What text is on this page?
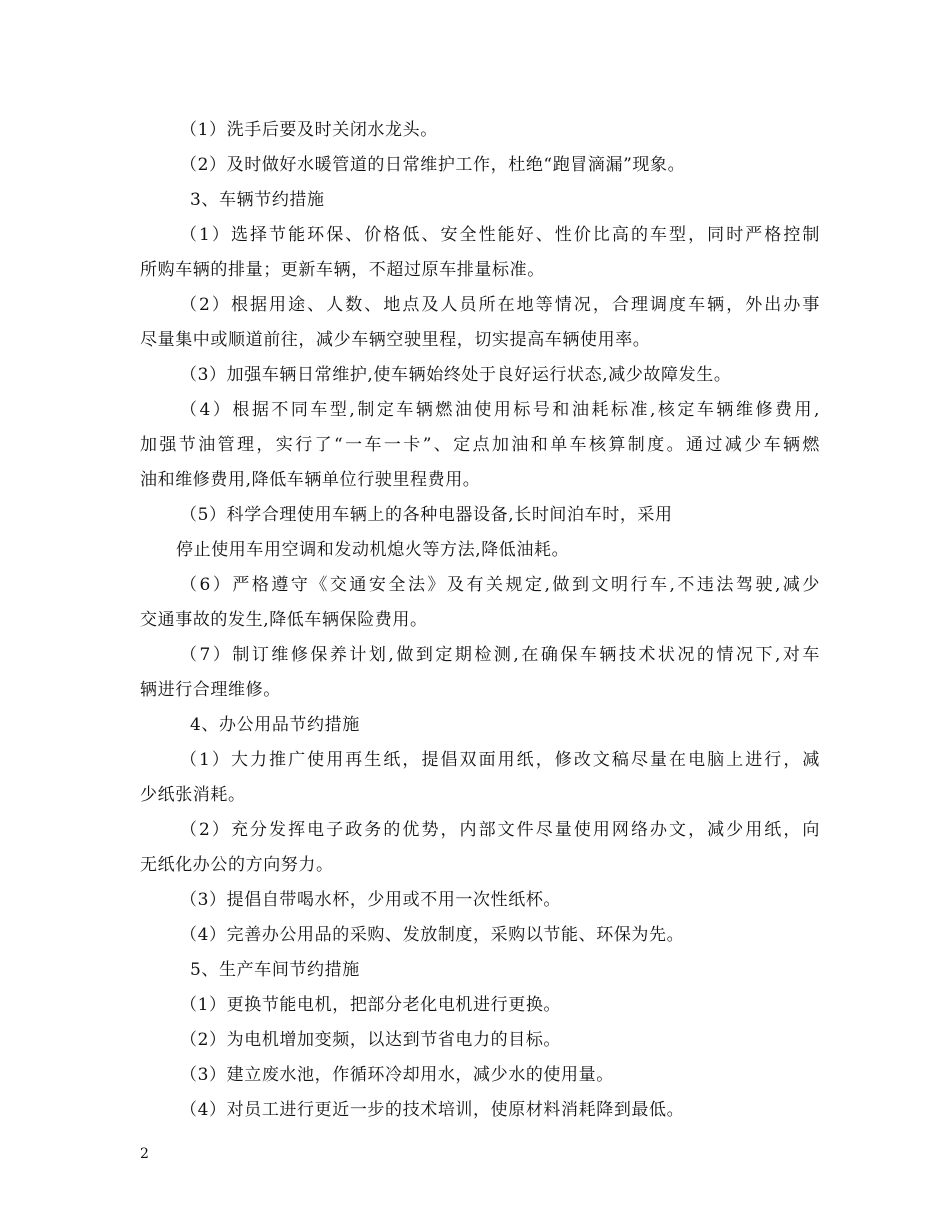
（1）洗手后要及时关闭水龙头。
（2）及时做好水暖管道的日常维护工作，杜绝“跑冒滴漏”现象。
3、车辆节约措施
（1）选择节能环保、价格低、安全性能好、性价比高的车型，同时严格控制
所购车辆的排量；更新车辆，不超过原车排量标准。
（2）根据用途、人数、地点及人员所在地等情况，合理调度车辆，外出办事
尽量集中或顺道前往，减少车辆空驶里程，切实提高车辆使用率。
（3）加强车辆日常维护,使车辆始终处于良好运行状态,减少故障发生。
（4）根据不同车型,制定车辆燃油使用标号和油耗标准,核定车辆维修费用,
加强节油管理，实行了“一车一卡”、定点加油和单车核算制度。通过减少车辆燃
油和维修费用,降低车辆单位行驶里程费用。
（5）科学合理使用车辆上的各种电器设备,长时间泊车时，采用
停止使用车用空调和发动机熄火等方法,降低油耗。
（6）严格遵守《交通安全法》及有关规定,做到文明行车,不违法驾驶,减少
交通事故的发生,降低车辆保险费用。
（7）制订维修保养计划,做到定期检测,在确保车辆技术状况的情况下,对车
辆进行合理维修。
4、办公用品节约措施
（1）大力推广使用再生纸，提倡双面用纸，修改文稿尽量在电脑上进行，减
少纸张消耗。
（2）充分发挥电子政务的优势，内部文件尽量使用网络办文，减少用纸，向
无纸化办公的方向努力。
（3）提倡自带喝水杯，少用或不用一次性纸杯。
（4）完善办公用品的采购、发放制度，采购以节能、环保为先。
5、生产车间节约措施
（1）更换节能电机，把部分老化电机进行更换。
（2）为电机增加变频，以达到节省电力的目标。
（3）建立废水池，作循环冷却用水，减少水的使用量。
（4）对员工进行更近一步的技术培训，使原材料消耗降到最低。
2
